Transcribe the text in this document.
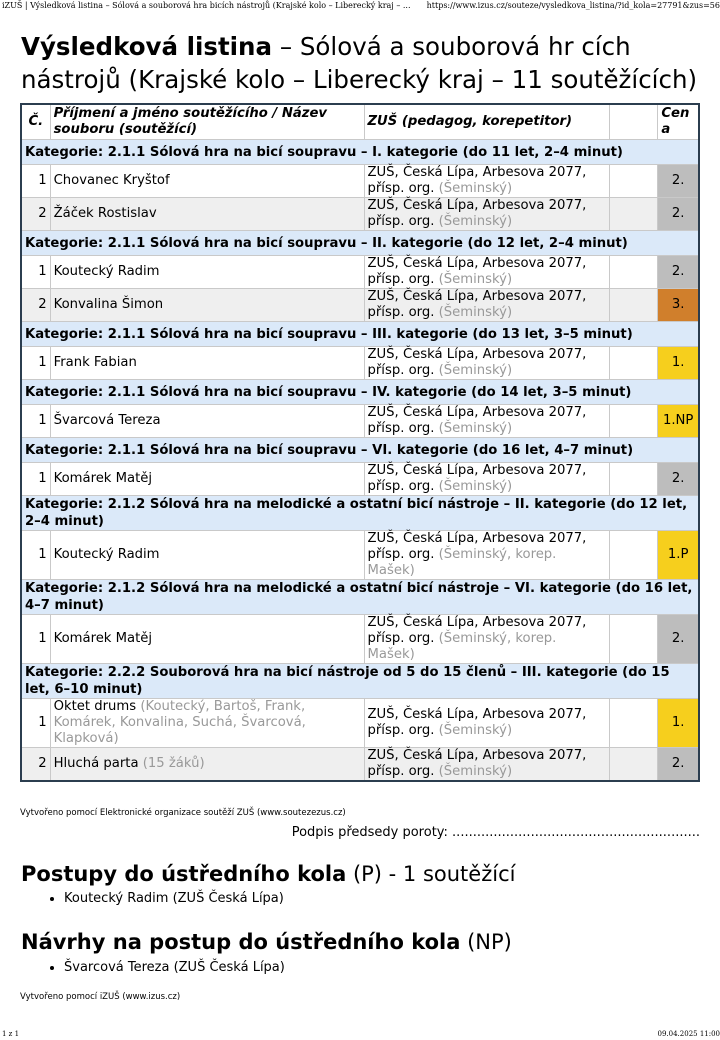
iZUŠ | Výsledková listina – Sólová a souborová hra bicích nástrojů (Krajské kolo – Liberecký kraj – ... https://www.izus.cz/souteze/vysledkova_listina/?id_kola=27791&zus=56
Výsledková listina – Sólová a souborová hr cích
nástrojů (Krajské kolo – Liberecký kraj – 11 soutěžících)
Č.	Příjmení a jméno soutěžícího / Název souboru (soutěžící)	ZUŠ (pedagog, korepetitor)		Cena
Kategorie: 2.1.1 Sólová hra na bicí soupravu – I. kategorie (do 11 let, 2–4 minut)				
1	Chovanec Kryštof	ZUŠ, Česká Lípa, Arbesova 2077, přísp. org. (Šeminský)		2.
2	Žáček Rostislav	ZUŠ, Česká Lípa, Arbesova 2077, přísp. org. (Šeminský)		2.
Kategorie: 2.1.1 Sólová hra na bicí soupravu – II. kategorie (do 12 let, 2–4 minut)				
1	Koutecký Radim	ZUŠ, Česká Lípa, Arbesova 2077, přísp. org. (Šeminský)		2.
2	Konvalina Šimon	ZUŠ, Česká Lípa, Arbesova 2077, přísp. org. (Šeminský)		3.
Kategorie: 2.1.1 Sólová hra na bicí soupravu – III. kategorie (do 13 let, 3–5 minut)				
1	Frank Fabian	ZUŠ, Česká Lípa, Arbesova 2077, přísp. org. (Šeminský)		1.
Kategorie: 2.1.1 Sólová hra na bicí soupravu – IV. kategorie (do 14 let, 3–5 minut)				
1	Švarcová Tereza	ZUŠ, Česká Lípa, Arbesova 2077, přísp. org. (Šeminský)		1.NP
Kategorie: 2.1.1 Sólová hra na bicí soupravu – VI. kategorie (do 16 let, 4–7 minut)				
1	Komárek Matěj	ZUŠ, Česká Lípa, Arbesova 2077, přísp. org. (Šeminský)		2.
Kategorie: 2.1.2 Sólová hra na melodické a ostatní bicí nástroje – II. kategorie (do 12 let, 2–4 minut)				
1	Koutecký Radim	ZUŠ, Česká Lípa, Arbesova 2077, přísp. org. (Šeminský, korep. Mašek)		1.P
Kategorie: 2.1.2 Sólová hra na melodické a ostatní bicí nástroje – VI. kategorie (do 16 let, 4–7 minut)				
1	Komárek Matěj	ZUŠ, Česká Lípa, Arbesova 2077, přísp. org. (Šeminský, korep. Mašek)		2.
Kategorie: 2.2.2 Souborová hra na bicí nástroje od 5 do 15 členů – III. kategorie (do 15 let, 6–10 minut)				
1	Oktet drums (Koutecký, Bartoš, Frank, Komárek, Konvalina, Suchá, Švarcová, Klapková)	ZUŠ, Česká Lípa, Arbesova 2077, přísp. org. (Šeminský)		1.
2	Hluchá parta (15 žáků)	ZUŠ, Česká Lípa, Arbesova 2077, přísp. org. (Šeminský)		2.
Vytvořeno pomocí Elektronické organizace soutěží ZUŠ (www.soutezezus.cz)
Podpis předsedy poroty: ............................................................
Postupy do ústředního kola (P) - 1 soutěžící
• Koutecký Radim (ZUŠ Česká Lípa)
Návrhy na postup do ústředního kola (NP)
• Švarcová Tereza (ZUŠ Česká Lípa)
Vytvořeno pomocí iZUŠ (www.izus.cz)
1 z 1	09.04.2025 11:00
